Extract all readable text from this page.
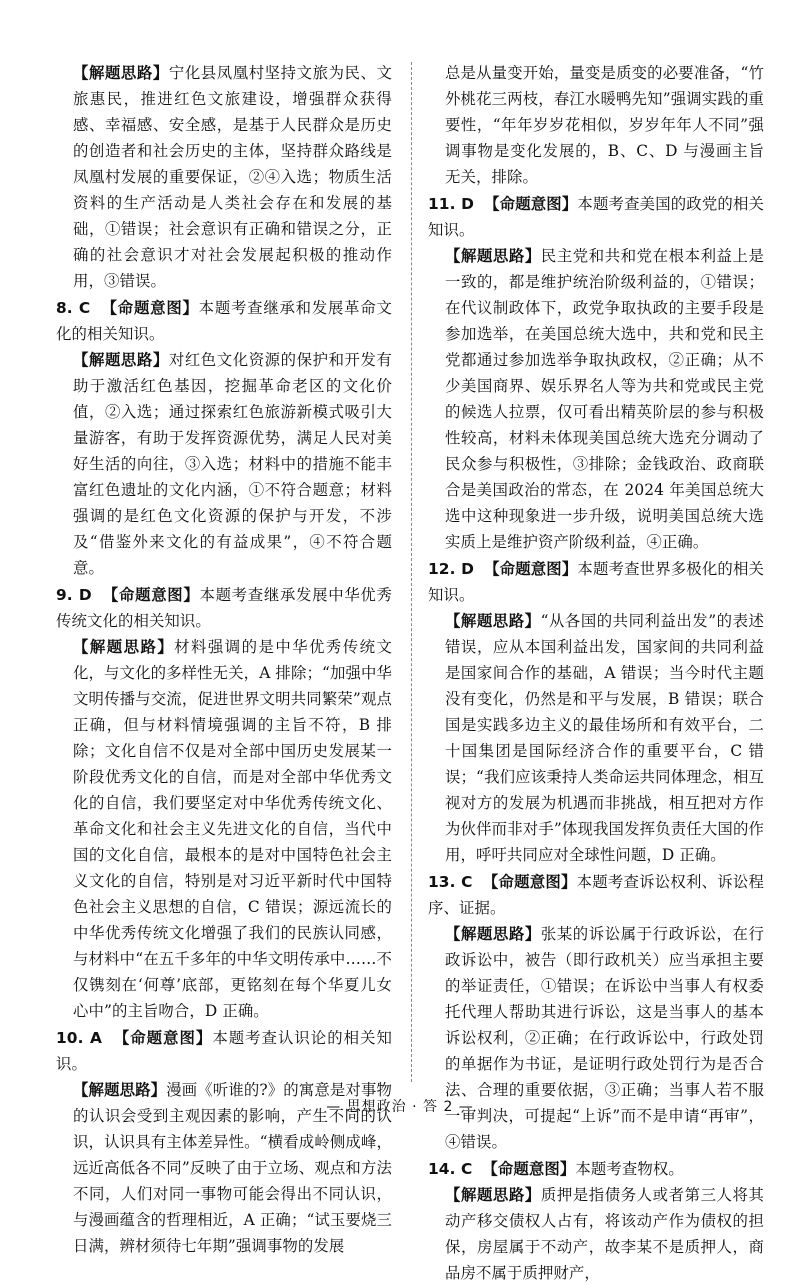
【解题思路】宁化县凤凰村坚持文旅为民、文旅惠民，推进红色文旅建设，增强群众获得感、幸福感、安全感，是基于人民群众是历史的创造者和社会历史的主体，坚持群众路线是凤凰村发展的重要保证，②④入选；物质生活资料的生产活动是人类社会存在和发展的基础，①错误；社会意识有正确和错误之分，正确的社会意识才对社会发展起积极的推动作用，③错误。

8. C 【命题意图】本题考查继承和发展革命文化的相关知识。

【解题思路】对红色文化资源的保护和开发有助于激活红色基因，挖掘革命老区的文化价值，②入选；通过探索红色旅游新模式吸引大量游客，有助于发挥资源优势，满足人民对美好生活的向往，③入选；材料中的措施不能丰富红色遗址的文化内涵，①不符合题意；材料强调的是红色文化资源的保护与开发，不涉及“借鉴外来文化的有益成果”，④不符合题意。

9. D 【命题意图】本题考查继承发展中华优秀传统文化的相关知识。

【解题思路】材料强调的是中华优秀传统文化，与文化的多样性无关，A 排除；“加强中华文明传播与交流，促进世界文明共同繁荣”观点正确，但与材料情境强调的主旨不符，B 排除；文化自信不仅是对全部中国历史发展某一阶段优秀文化的自信，而是对全部中华优秀文化的自信，我们要坚定对中华优秀传统文化、革命文化和社会主义先进文化的自信，当代中国的文化自信，最根本的是对中国特色社会主义文化的自信，特别是对习近平新时代中国特色社会主义思想的自信，C 错误；源远流长的中华优秀传统文化增强了我们的民族认同感，与材料中“在五千多年的中华文明传承中……不仅镌刻在‘何尊’底部，更铭刻在每个华夏儿女心中”的主旨吻合，D 正确。

10. A 【命题意图】本题考查认识论的相关知识。

【解题思路】漫画《听谁的?》的寓意是对事物的认识会受到主观因素的影响，产生不同的认识，认识具有主体差异性。“横看成岭侧成峰，远近高低各不同”反映了由于立场、观点和方法不同，人们对同一事物可能会得出不同认识，与漫画蕴含的哲理相近，A 正确；“试玉要烧三日满，辨材须待七年期”强调事物的发展

总是从量变开始，量变是质变的必要准备，“竹外桃花三两枝，春江水暖鸭先知”强调实践的重要性，“年年岁岁花相似，岁岁年年人不同”强调事物是变化发展的，B、C、D 与漫画主旨无关，排除。

11. D 【命题意图】本题考查美国的政党的相关知识。

【解题思路】民主党和共和党在根本利益上是一致的，都是维护统治阶级利益的，①错误；在代议制政体下，政党争取执政的主要手段是参加选举，在美国总统大选中，共和党和民主党都通过参加选举争取执政权，②正确；从不少美国商界、娱乐界名人等为共和党或民主党的候选人拉票，仅可看出精英阶层的参与积极性较高，材料未体现美国总统大选充分调动了民众参与积极性，③排除；金钱政治、政商联合是美国政治的常态，在 2024 年美国总统大选中这种现象进一步升级，说明美国总统大选实质上是维护资产阶级利益，④正确。

12. D 【命题意图】本题考查世界多极化的相关知识。

【解题思路】“从各国的共同利益出发”的表述错误，应从本国利益出发，国家间的共同利益是国家间合作的基础，A 错误；当今时代主题没有变化，仍然是和平与发展，B 错误；联合国是实践多边主义的最佳场所和有效平台，二十国集团是国际经济合作的重要平台，C 错误；“我们应该秉持人类命运共同体理念，相互视对方的发展为机遇而非挑战，相互把对方作为伙伴而非对手”体现我国发挥负责任大国的作用，呼吁共同应对全球性问题，D 正确。

13. C 【命题意图】本题考查诉讼权利、诉讼程序、证据。

【解题思路】张某的诉讼属于行政诉讼，在行政诉讼中，被告（即行政机关）应当承担主要的举证责任，①错误；在诉讼中当事人有权委托代理人帮助其进行诉讼，这是当事人的基本诉讼权利，②正确；在行政诉讼中，行政处罚的单据作为书证，是证明行政处罚行为是否合法、合理的重要依据，③正确；当事人若不服一审判决，可提起“上诉”而不是申请“再审”，④错误。

14. C 【命题意图】本题考查物权。

【解题思路】质押是指债务人或者第三人将其动产移交债权人占有，将该动产作为债权的担保，房屋属于不动产，故李某不是质押人，商品房不属于质押财产，

— 思想政治 · 答 2 —
